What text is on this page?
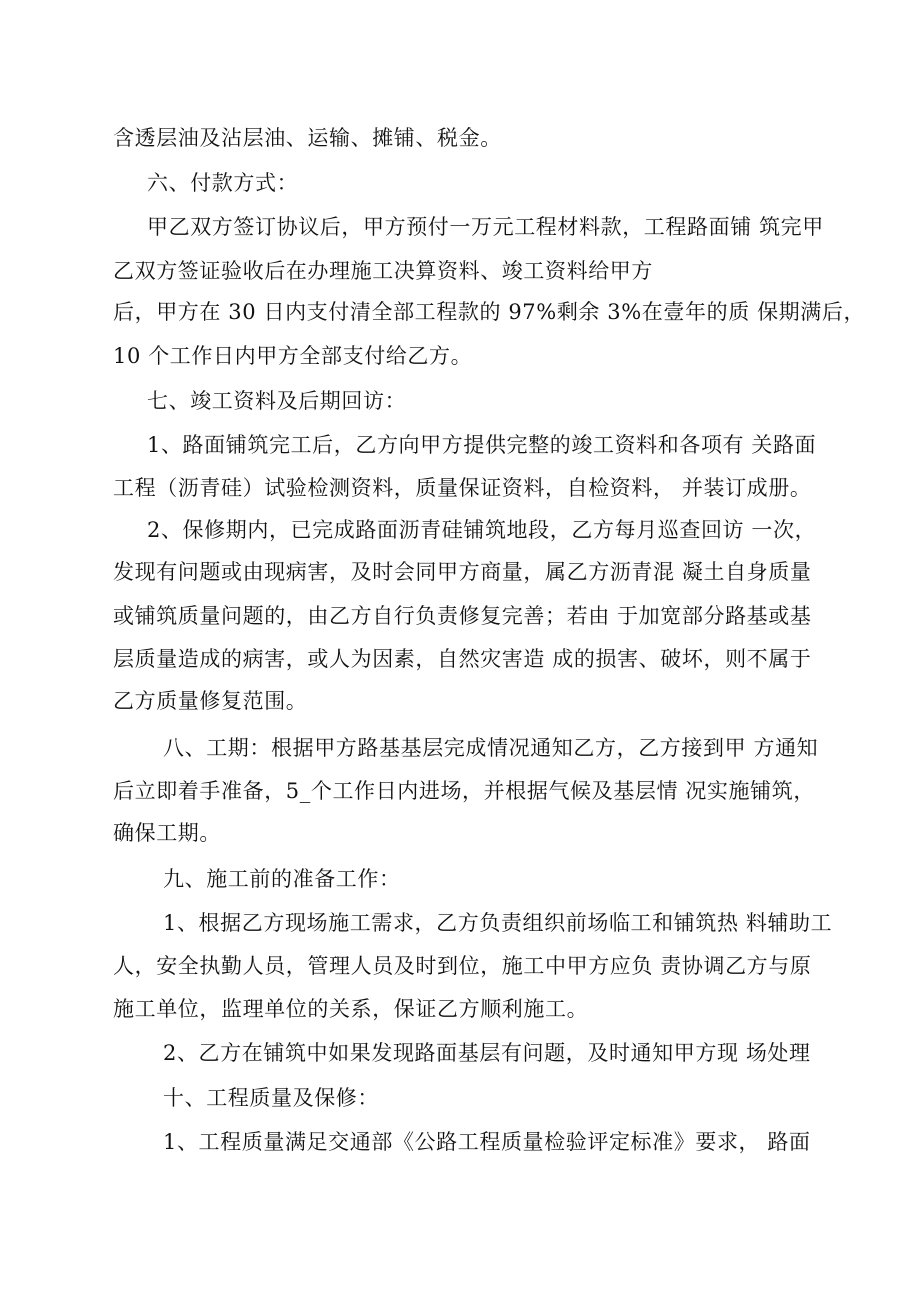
含透层油及沾层油、运输、摊铺、税金。
六、付款方式：
甲乙双方签订协议后，甲方预付一万元工程材料款，工程路面铺 筑完甲
乙双方签证验收后在办理施工决算资料、竣工资料给甲方
后，甲方在 30 日内支付清全部工程款的 97%剩余 3%在壹年的质 保期满后，
10 个工作日内甲方全部支付给乙方。
七、竣工资料及后期回访：
1、路面铺筑完工后，乙方向甲方提供完整的竣工资料和各项有 关路面
工程（沥青硅）试验检测资料，质量保证资料，自检资料， 并装订成册。
2、保修期内，已完成路面沥青硅铺筑地段，乙方每月巡查回访 一次，
发现有问题或由现病害，及时会同甲方商量，属乙方沥青混 凝土自身质量
或铺筑质量问题的，由乙方自行负责修复完善；若由 于加宽部分路基或基
层质量造成的病害，或人为因素，自然灾害造 成的损害、破坏，则不属于
乙方质量修复范围。
八、工期：根据甲方路基基层完成情况通知乙方，乙方接到甲 方通知
后立即着手准备，5_个工作日内进场，并根据气候及基层情 况实施铺筑，
确保工期。
九、施工前的准备工作：
1、根据乙方现场施工需求，乙方负责组织前场临工和铺筑热 料辅助工
人，安全执勤人员，管理人员及时到位，施工中甲方应负 责协调乙方与原
施工单位，监理单位的关系，保证乙方顺利施工。
2、乙方在铺筑中如果发现路面基层有问题，及时通知甲方现 场处理
十、工程质量及保修：
1、工程质量满足交通部《公路工程质量检验评定标准》要求， 路面
